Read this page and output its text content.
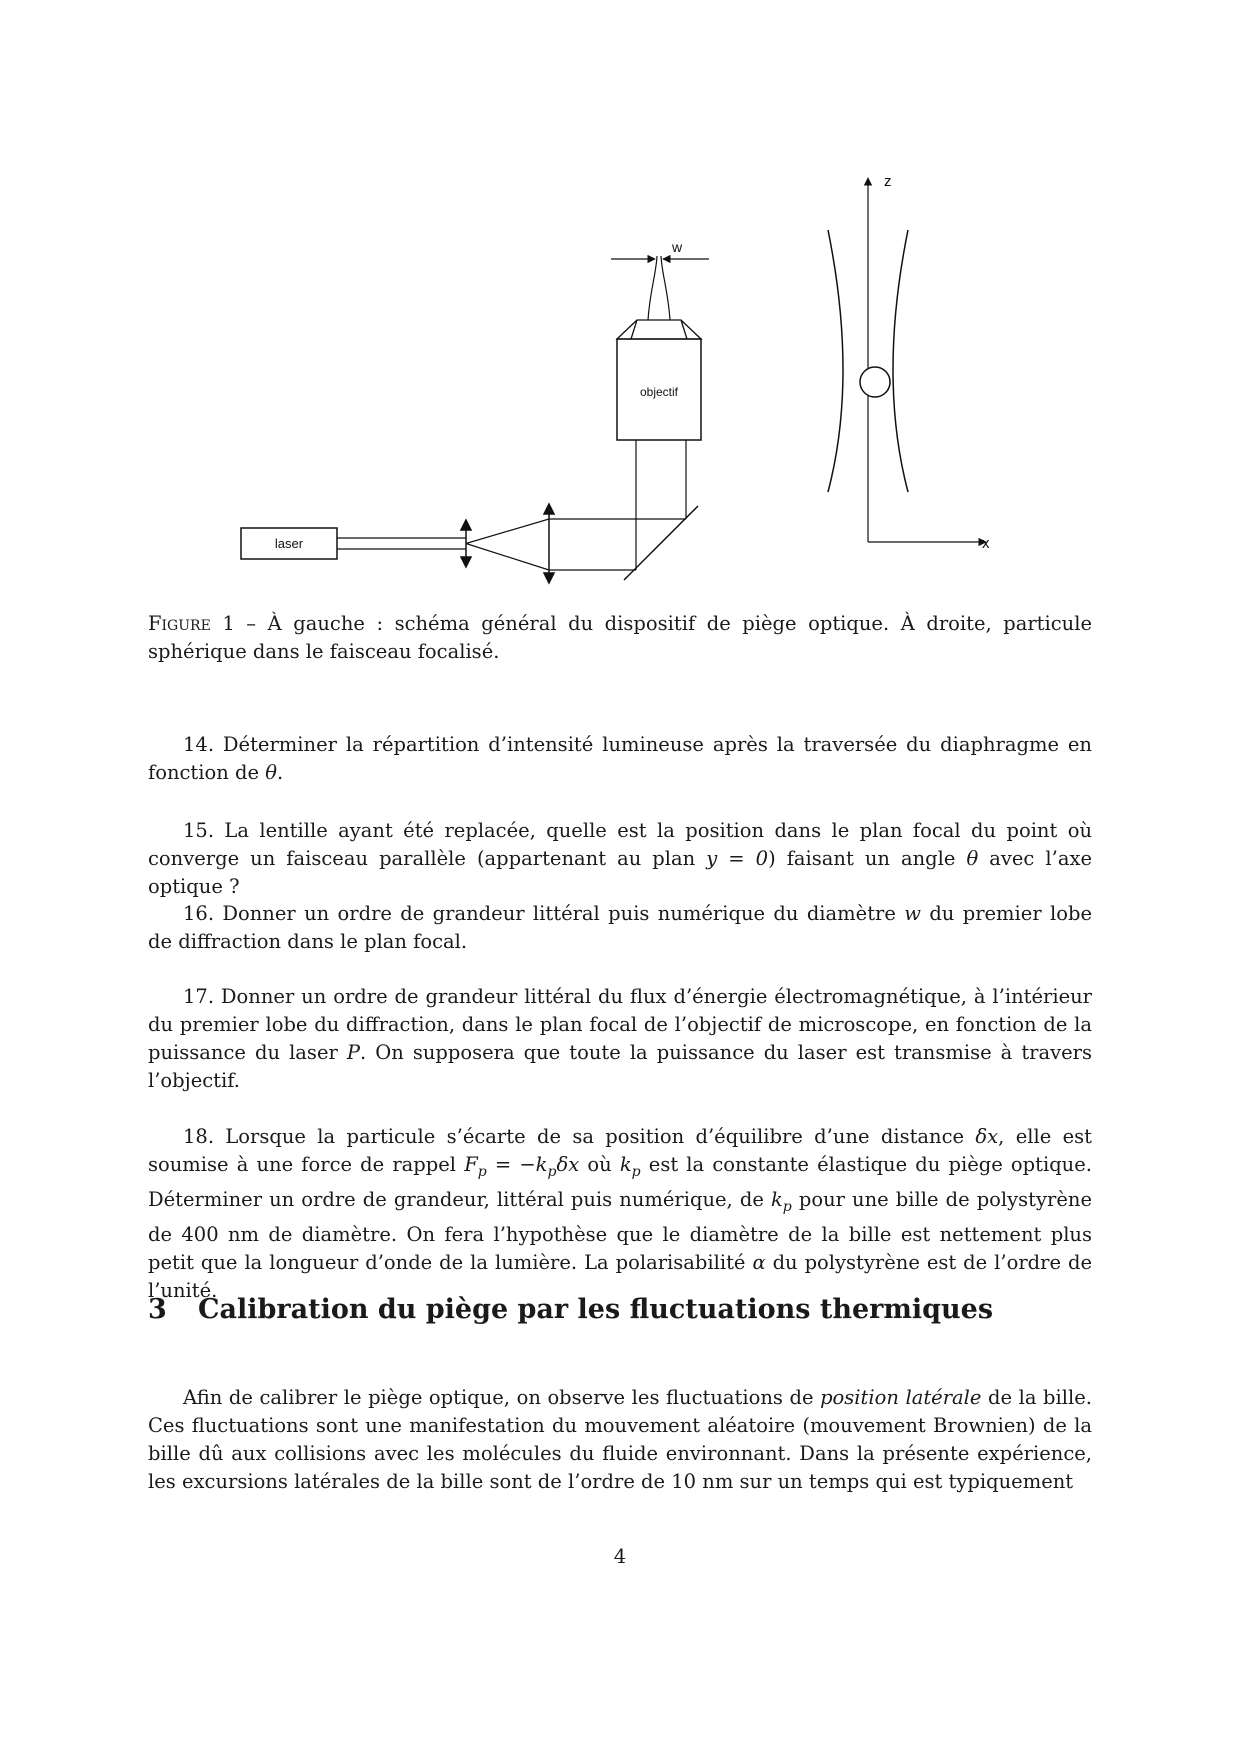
laser
objectif
w
z
x
Figure 1 – À gauche : schéma général du dispositif de piège optique. À droite, particule sphérique dans le faisceau focalisé.
14. Déterminer la répartition d’intensité lumineuse après la traversée du diaphragme en fonction de θ.
15. La lentille ayant été replacée, quelle est la position dans le plan focal du point où converge un faisceau parallèle (appartenant au plan y = 0) faisant un angle θ avec l’axe optique ?
16. Donner un ordre de grandeur littéral puis numérique du diamètre w du premier lobe de diffraction dans le plan focal.
17. Donner un ordre de grandeur littéral du flux d’énergie électromagnétique, à l’intérieur du premier lobe du diffraction, dans le plan focal de l’objectif de microscope, en fonction de la puissance du laser P. On supposera que toute la puissance du laser est transmise à travers l’objectif.
18. Lorsque la particule s’écarte de sa position d’équilibre d’une distance δx, elle est soumise à une force de rappel $F_p = -k_p\delta x$ où $k_p$ est la constante élastique du piège optique. Déterminer un ordre de grandeur, littéral puis numérique, de $k_p$ pour une bille de polystyrène de 400 nm de diamètre. On fera l’hypothèse que le diamètre de la bille est nettement plus petit que la longueur d’onde de la lumière. La polarisabilité α du polystyrène est de l’ordre de l’unité.
3 Calibration du piège par les fluctuations thermiques
Afin de calibrer le piège optique, on observe les fluctuations de position latérale de la bille. Ces fluctuations sont une manifestation du mouvement aléatoire (mouvement Brownien) de la bille dû aux collisions avec les molécules du fluide environnant. Dans la présente expérience, les excursions latérales de la bille sont de l’ordre de 10 nm sur un temps qui est typiquement
4
